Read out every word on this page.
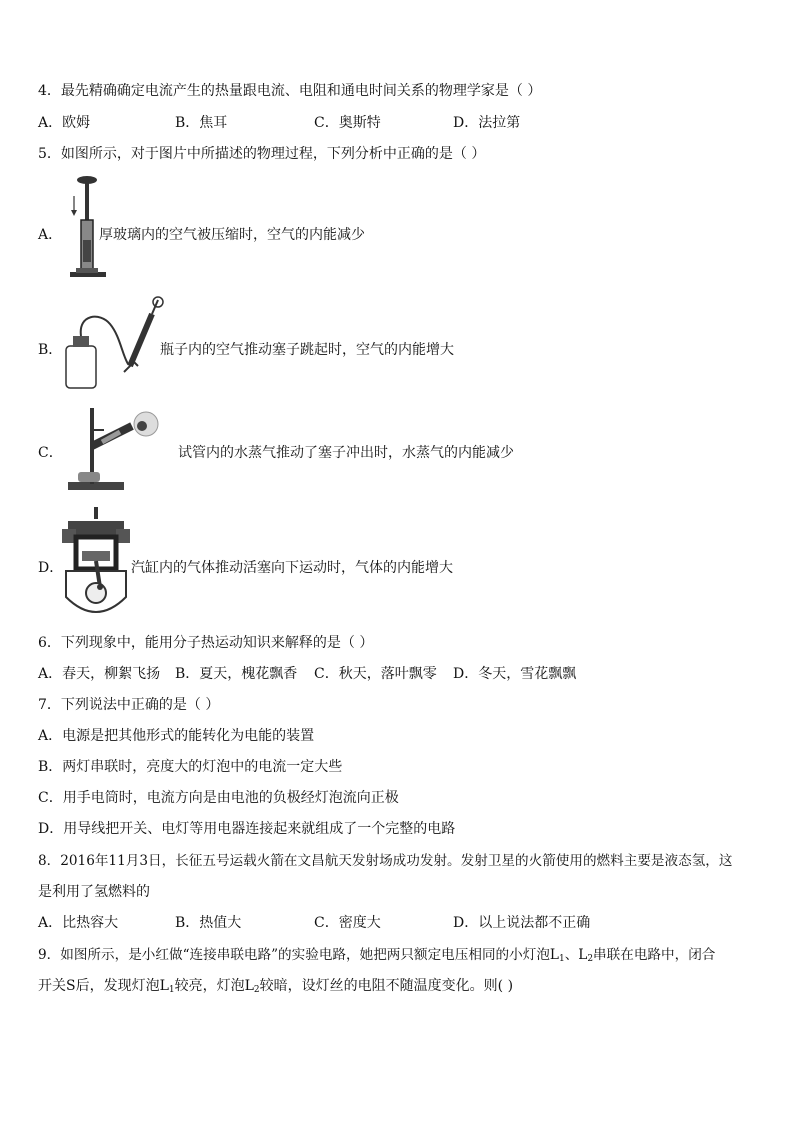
4．最先精确确定电流产生的热量跟电流、电阻和通电时间关系的物理学家是（ ）
A．欧姆	B．焦耳	C．奥斯特	D．法拉第
5．如图所示，对于图片中所描述的物理过程，下列分析中正确的是（ ）
A．	厚玻璃内的空气被压缩时，空气的内能减少
B．	瓶子内的空气推动塞子跳起时，空气的内能增大
C．	试管内的水蒸气推动了塞子冲出时，水蒸气的内能减少
D．	汽缸内的气体推动活塞向下运动时，气体的内能增大
6．下列现象中，能用分子热运动知识来解释的是（ ）
A．春天，柳絮飞扬 B．夏天，槐花飘香 C．秋天，落叶飘零 D．冬天，雪花飘飘
7．下列说法中正确的是（ ）
A．电源是把其他形式的能转化为电能的装置
B．两灯串联时，亮度大的灯泡中的电流一定大些
C．用手电筒时，电流方向是由电池的负极经灯泡流向正极
D．用导线把开关、电灯等用电器连接起来就组成了一个完整的电路
8．2016年11月3日，长征五号运载火箭在文昌航天发射场成功发射。发射卫星的火箭使用的燃料主要是液态氢，这
是利用了氢燃料的
A．比热容大	B．热值大	C．密度大	D．以上说法都不正确
9．如图所示，是小红做“连接串联电路”的实验电路，她把两只额定电压相同的小灯泡$L_1$、$L_2$串联在电路中，闭合
开关S后，发现灯泡$L_1$较亮，灯泡$L_2$较暗，设灯丝的电阻不随温度变化。则( )
